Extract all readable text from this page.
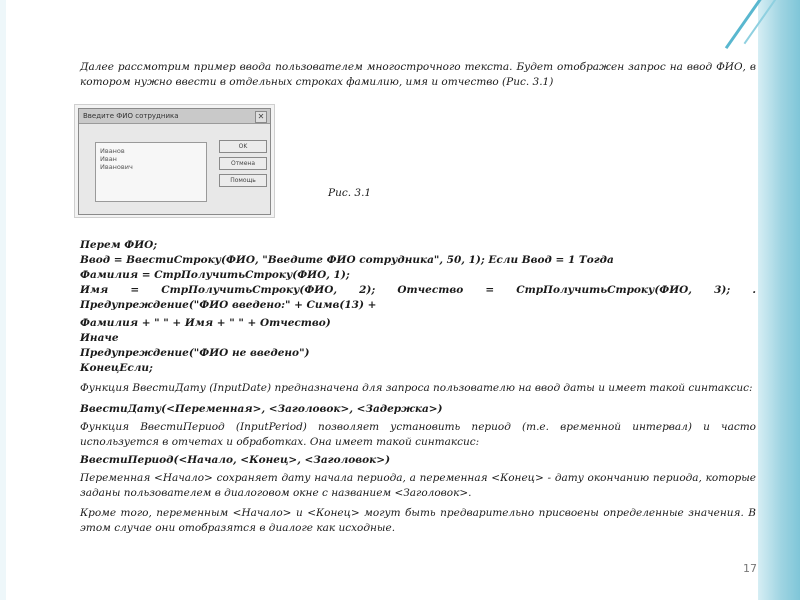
Далее рассмотрим пример ввода пользователем многострочного текста. Будет отображен запрос на ввод ФИО, в котором нужно ввести в отдельных строках фамилию, имя и отчество (Рис. 3.1)

Перем ФИО;

Ввод = ВвестиСтроку(ФИО, "Введите ФИО сотрудника", 50, 1); Если Ввод = 1 Тогда

Фамилия = СтрПолучитьСтроку(ФИО, 1);

Имя = СтрПолучитьСтроку(ФИО, 2); Отчество = СтрПолучитьСтроку(ФИО, 3); . Предупреждение("ФИО введено:" + Симв(13) +

Фамилия + " " + Имя + " " + Отчество)

Иначе

Предупреждение("ФИО не введено")

КонецЕсли;

Функция ВвестиДату (InputDate) предназначена для запроса пользователю на ввод даты и имеет такой синтаксис:

ВвестиДату(<Переменная>, <Заголовок>, <Задержка>)

Функция ВвестиПериод (InputPeriod) позволяет установить период (т.е. временной интервал) и часто используется в отчетах и обработках. Она имеет такой синтаксис:

ВвестиПериод(<Начало, <Конец>, <Заголовок>)

Переменная <Начало> сохраняет дату начала периода, а переменная <Конец> - дату окончанию периода, которые заданы пользователем в диалоговом окне с названием <Заголовок>.

Кроме того, переменным <Начало> и <Конец> могут быть предварительно присвоены определенные значения. В этом случае они отобразятся в диалоге как исходные.

Введите ФИО сотрудника	✕
Иванов
Иван
Иванович
OK
Отмена
Помощь
Рис. 3.1
17
